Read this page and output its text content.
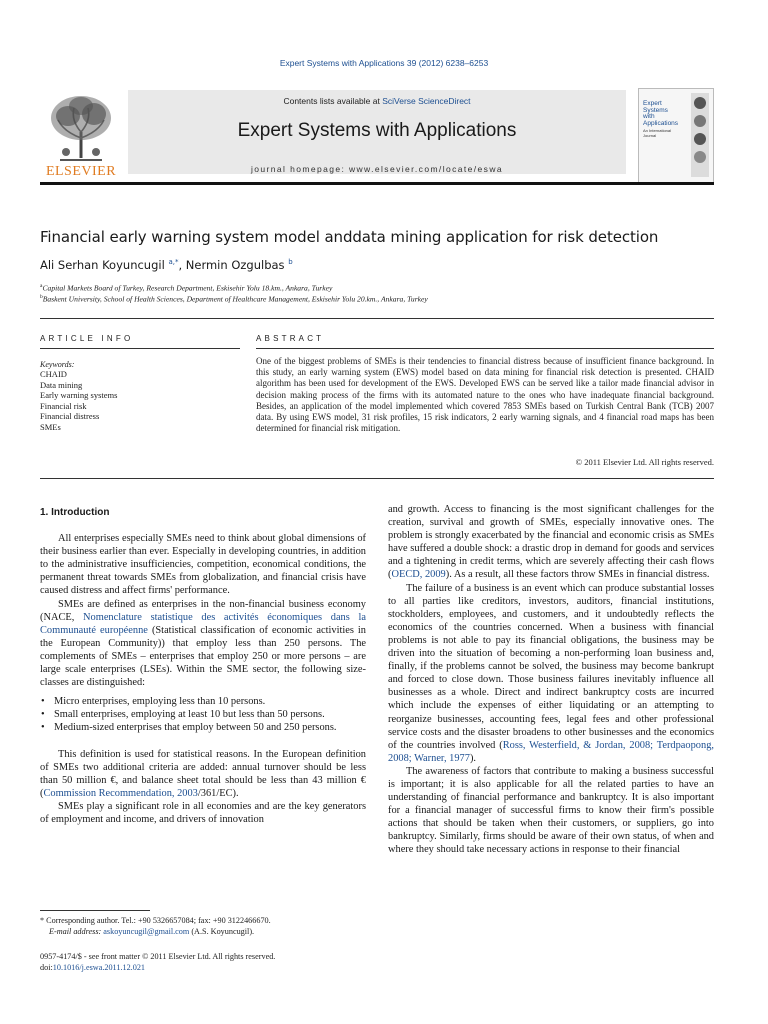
Expert Systems with Applications 39 (2012) 6238–6253
ELSEVIER
Contents lists available at SciVerse ScienceDirect
Expert Systems with Applications
journal homepage: www.elsevier.com/locate/eswa
Expert
Systems
with
Applications
An International
Journal
Financial early warning system model anddata mining application for risk detection
Ali Serhan Koyuncugil $^{a,*}$, Nermin Ozgulbas $^b$
$^a$Capital Markets Board of Turkey, Research Department, Eskisehir Yolu 18.km., Ankara, Turkey
$^b$Baskent University, School of Health Sciences, Department of Healthcare Management, Eskisehir Yolu 20.km., Ankara, Turkey
ARTICLE INFO	ABSTRACT
Keywords:
CHAID
Data mining
Early warning systems
Financial risk
Financial distress
SMEs
One of the biggest problems of SMEs is their tendencies to financial distress because of insufficient finance background. In this study, an early warning system (EWS) model based on data mining for financial risk detection is presented. CHAID algorithm has been used for development of the EWS. Developed EWS can be served like a tailor made financial advisor in decision making process of the firms with its automated nature to the ones who have inadequate financial background. Besides, an application of the model implemented which covered 7853 SMEs based on Turkish Central Bank (TCB) 2007 data. By using EWS model, 31 risk profiles, 15 risk indicators, 2 early warning signals, and 4 financial road maps has been determined for financial risk mitigation.
© 2011 Elsevier Ltd. All rights reserved.

1. Introduction

All enterprises especially SMEs need to think about global dimensions of their business earlier than ever. Especially in developing countries, in addition to the administrative insufficiencies, competition, economical conditions, the permanent threat towards SMEs from globalization, and financial crisis have caused distress and affect firms' performance.

SMEs are defined as enterprises in the non-financial business economy (NACE, Nomenclature statistique des activités économiques dans la Communauté européenne (Statistical classification of economic activities in the European Community)) that employ less than 250 persons. The complements of SMEs – enterprises that employ 250 or more persons – are large scale enterprises (LSEs). Within the SME sector, the following size-classes are distinguished:

• Micro enterprises, employing less than 10 persons.
• Small enterprises, employing at least 10 but less than 50 persons.
• Medium-sized enterprises that employ between 50 and 250 persons.

This definition is used for statistical reasons. In the European definition of SMEs two additional criteria are added: annual turnover should be less than 50 million €, and balance sheet total should be less than 43 million € (Commission Recommendation, 2003/361/EC).

SMEs play a significant role in all economies and are the key generators of employment and income, and drivers of innovation

and growth. Access to financing is the most significant challenges for the creation, survival and growth of SMEs, especially innovative ones. The problem is strongly exacerbated by the financial and economic crisis as SMEs have suffered a double shock: a drastic drop in demand for goods and services and a tightening in credit terms, which are severely affecting their cash flows (OECD, 2009). As a result, all these factors throw SMEs in financial distress.

The failure of a business is an event which can produce substantial losses to all parties like creditors, investors, auditors, financial institutions, stockholders, employees, and customers, and it undoubtedly reflects the economics of the countries concerned. When a business with financial problems is not able to pay its financial obligations, the business may be driven into the situation of becoming a non-performing loan business and, finally, if the problems cannot be solved, the business may become bankrupt and forced to close down. Those business failures inevitably influence all businesses as a whole. Direct and indirect bankruptcy costs are incurred which include the expenses of either liquidating or an attempting to reorganize businesses, accounting fees, legal fees and other professional service costs and the disaster broadens to other businesses and the economics of the countries involved (Ross, Westerfield, & Jordan, 2008; Terdpaopong, 2008; Warner, 1977).

The awareness of factors that contribute to making a business successful is important; it is also applicable for all the related parties to have an understanding of financial performance and bankruptcy. It is also important for a financial manager of successful firms to know their firm's possible actions that should be taken when their customers, or suppliers, go into bankruptcy. Similarly, firms should be aware of their own status, of when and where they should take necessary actions in response to their financial

* Corresponding author. Tel.: +90 5326657084; fax: +90 3122466670.
E-mail address: askoyuncugil@gmail.com (A.S. Koyuncugil).
0957-4174/$ - see front matter © 2011 Elsevier Ltd. All rights reserved.
doi:10.1016/j.eswa.2011.12.021
